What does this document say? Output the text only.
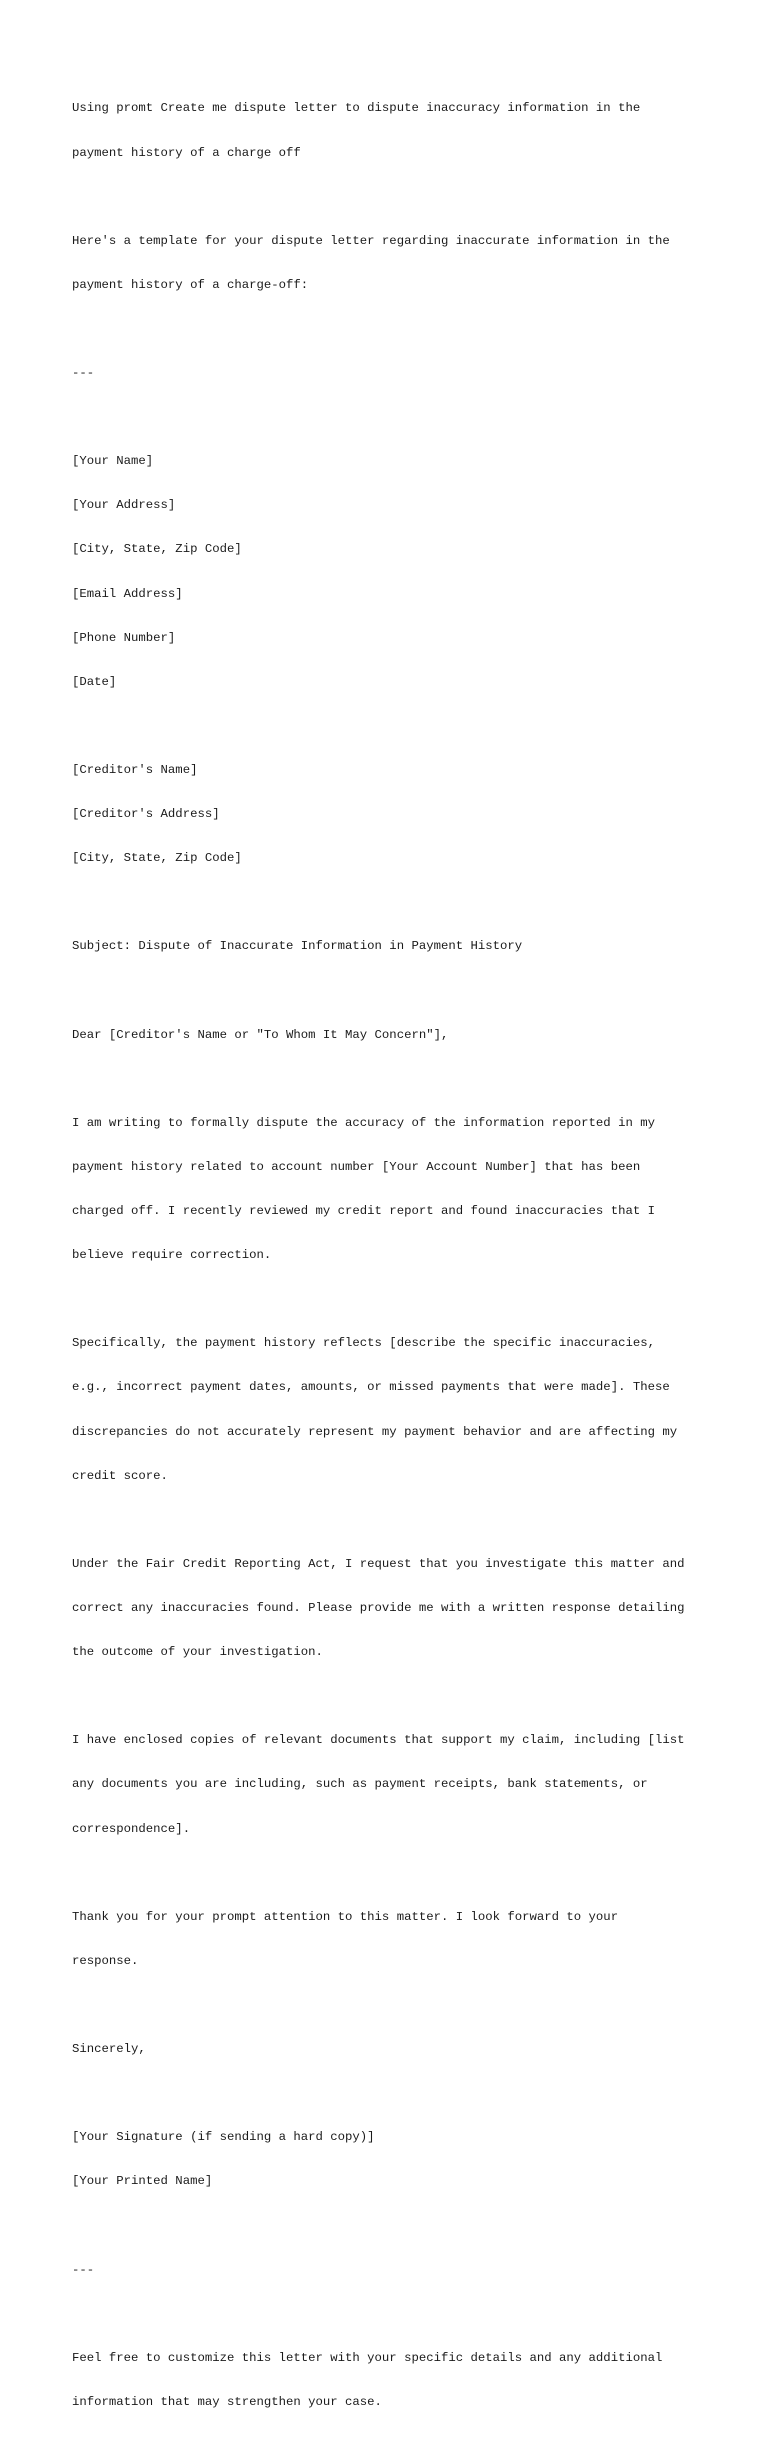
Using promt Create me dispute letter to dispute inaccuracy information in the

payment history of a charge off

Here's a template for your dispute letter regarding inaccurate information in the

payment history of a charge-off:

---

[Your Name]

[Your Address]

[City, State, Zip Code]

[Email Address]

[Phone Number]

[Date]

[Creditor's Name]

[Creditor's Address]

[City, State, Zip Code]

Subject: Dispute of Inaccurate Information in Payment History

Dear [Creditor's Name or "To Whom It May Concern"],

I am writing to formally dispute the accuracy of the information reported in my

payment history related to account number [Your Account Number] that has been

charged off. I recently reviewed my credit report and found inaccuracies that I

believe require correction.

Specifically, the payment history reflects [describe the specific inaccuracies,

e.g., incorrect payment dates, amounts, or missed payments that were made]. These

discrepancies do not accurately represent my payment behavior and are affecting my

credit score.

Under the Fair Credit Reporting Act, I request that you investigate this matter and

correct any inaccuracies found. Please provide me with a written response detailing

the outcome of your investigation.

I have enclosed copies of relevant documents that support my claim, including [list

any documents you are including, such as payment receipts, bank statements, or

correspondence].

Thank you for your prompt attention to this matter. I look forward to your

response.

Sincerely,

[Your Signature (if sending a hard copy)]

[Your Printed Name]

---

Feel free to customize this letter with your specific details and any additional

information that may strengthen your case.
